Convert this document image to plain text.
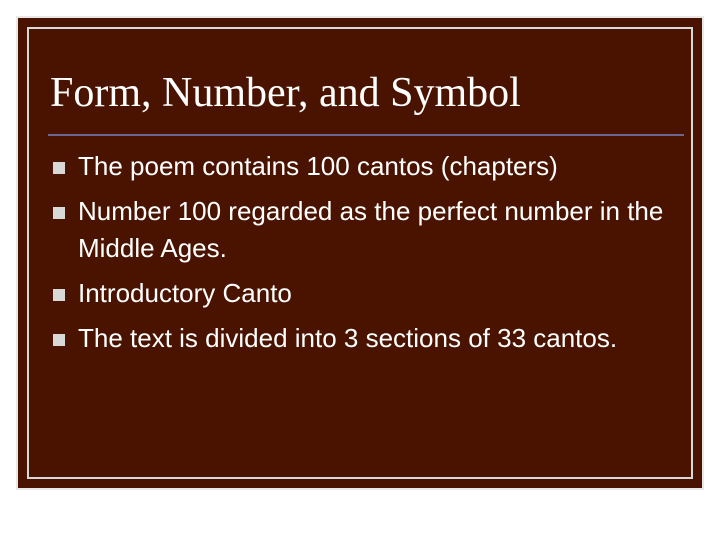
Form, Number, and Symbol
The poem contains 100 cantos (chapters)
Number 100 regarded as the perfect number in the Middle Ages.
Introductory Canto
The text is divided into 3 sections of 33 cantos.
